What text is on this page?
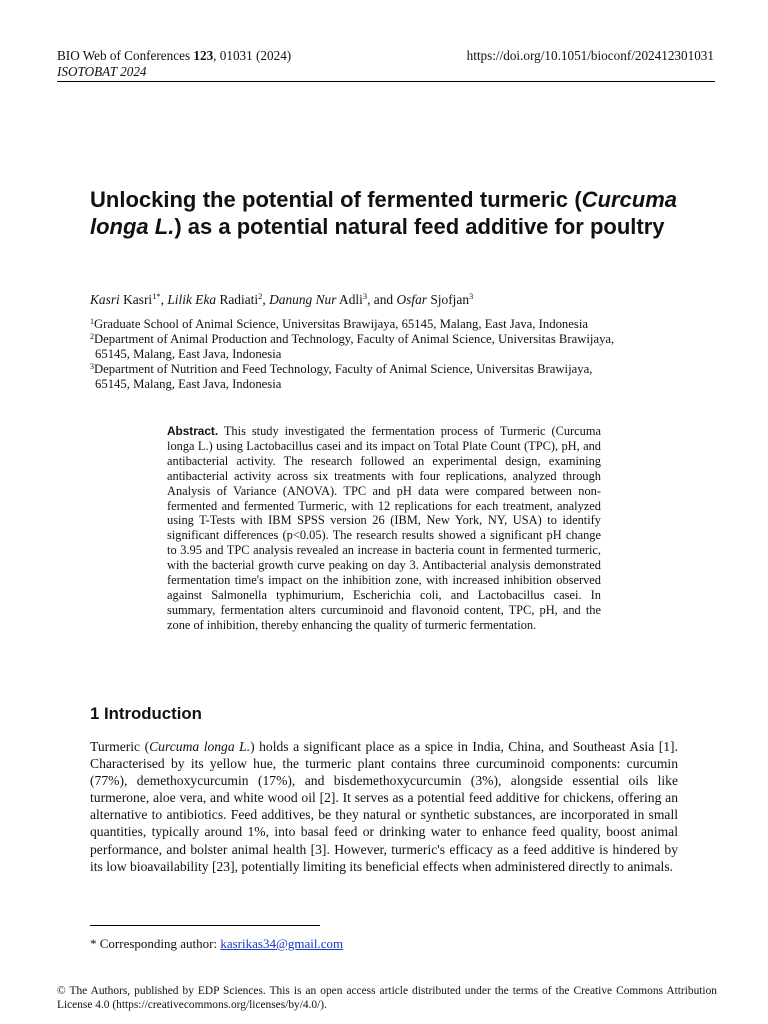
BIO Web of Conferences 123, 01031 (2024)
ISOTOBAT 2024
https://doi.org/10.1051/bioconf/202412301031
Unlocking the potential of fermented turmeric (Curcuma longa L.) as a potential natural feed additive for poultry
Kasri Kasri$^{1*}$, Lilik Eka Radiati$^2$, Danung Nur Adli$^3$, and Osfar Sjofjan$^3$
$^1$Graduate School of Animal Science, Universitas Brawijaya, 65145, Malang, East Java, Indonesia
$^2$Department of Animal Production and Technology, Faculty of Animal Science, Universitas Brawijaya,
65145, Malang, East Java, Indonesia
$^3$Department of Nutrition and Feed Technology, Faculty of Animal Science, Universitas Brawijaya,
65145, Malang, East Java, Indonesia
Abstract. This study investigated the fermentation process of Turmeric (Curcuma longa L.) using Lactobacillus casei and its impact on Total Plate Count (TPC), pH, and antibacterial activity. The research followed an experimental design, examining antibacterial activity across six treatments with four replications, analyzed through Analysis of Variance (ANOVA). TPC and pH data were compared between non-fermented and fermented Turmeric, with 12 replications for each treatment, analyzed using T-Tests with IBM SPSS version 26 (IBM, New York, NY, USA) to identify significant differences (p<0.05). The research results showed a significant pH change to 3.95 and TPC analysis revealed an increase in bacteria count in fermented turmeric, with the bacterial growth curve peaking on day 3. Antibacterial analysis demonstrated fermentation time's impact on the inhibition zone, with increased inhibition observed against Salmonella typhimurium, Escherichia coli, and Lactobacillus casei. In summary, fermentation alters curcuminoid and flavonoid content, TPC, pH, and the zone of inhibition, thereby enhancing the quality of turmeric fermentation.
1 Introduction
Turmeric (Curcuma longa L.) holds a significant place as a spice in India, China, and Southeast Asia [1]. Characterised by its yellow hue, the turmeric plant contains three curcuminoid components: curcumin (77%), demethoxycurcumin (17%), and bisdemethoxycurcumin (3%), alongside essential oils like turmerone, aloe vera, and white wood oil [2]. It serves as a potential feed additive for chickens, offering an alternative to antibiotics. Feed additives, be they natural or synthetic substances, are incorporated in small quantities, typically around 1%, into basal feed or drinking water to enhance feed quality, boost animal performance, and bolster animal health [3]. However, turmeric's efficacy as a feed additive is hindered by its low bioavailability [23], potentially limiting its beneficial effects when administered directly to animals.
* Corresponding author: kasrikas34@gmail.com
© The Authors, published by EDP Sciences. This is an open access article distributed under the terms of the Creative Commons Attribution License 4.0 (https://creativecommons.org/licenses/by/4.0/).
